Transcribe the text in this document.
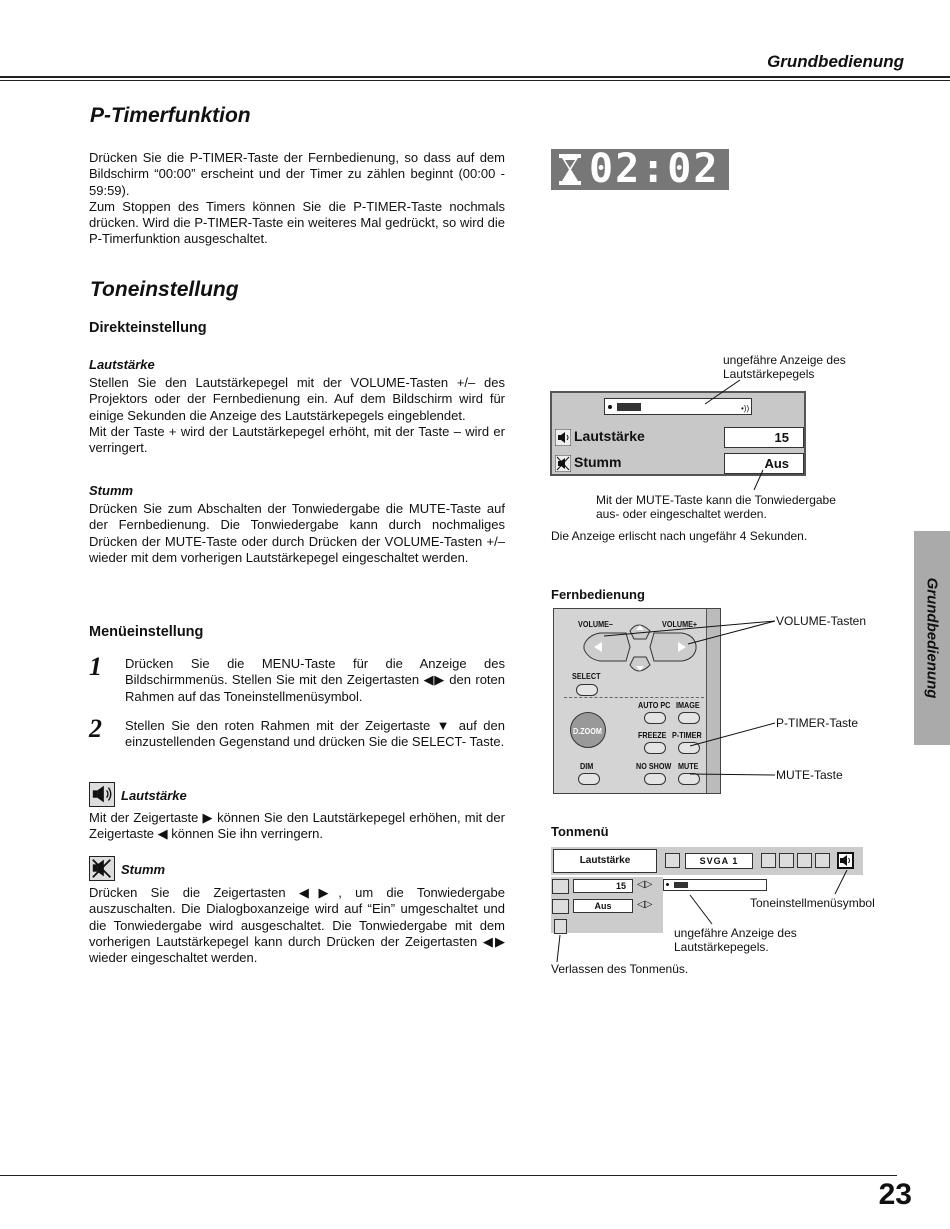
Grundbedienung
23
Grundbedienung
P-Timerfunktion

Drücken Sie die P-TIMER-Taste der Fernbedienung, so dass auf dem Bildschirm “00:00” erscheint und der Timer zu zählen beginnt (00:00 - 59:59).

Zum Stoppen des Timers können Sie die P-TIMER-Taste nochmals drücken. Wird die P-TIMER-Taste ein weiteres Mal gedrückt, so wird die P-Timerfunktion ausgeschaltet.

02:02
Toneinstellung
Direkteinstellung
Lautstärke

Stellen Sie den Lautstärkepegel mit der VOLUME-Tasten +/– des Projektors oder der Fernbedienung ein. Auf dem Bildschirm wird für einige Sekunden die Anzeige des Lautstärkepegels eingeblendet.

Mit der Taste + wird der Lautstärkepegel erhöht, mit der Taste – wird er verringert.

Stumm

Drücken Sie zum Abschalten der Tonwiedergabe die MUTE-Taste auf der Fernbedienung. Die Tonwiedergabe kann durch nochmaliges Drücken der MUTE-Taste oder durch Drücken der VOLUME-Tasten +/– wieder mit dem vorherigen Lautstärkepegel eingeschaltet werden.

Menüeinstellung
1 Drücken Sie die MENU-Taste für die Anzeige des Bildschirmmenüs. Stellen Sie mit den Zeigertasten ◀▶ den roten Rahmen auf das Toneinstellmenüsymbol.

2 Stellen Sie den roten Rahmen mit der Zeigertaste ▼ auf den einzustellenden Gegenstand und drücken Sie die SELECT- Taste.

Lautstärke

Mit der Zeigertaste ▶ können Sie den Lautstärkepegel erhöhen, mit der Zeigertaste ◀ können Sie ihn verringern.

Stumm

Drücken Sie die Zeigertasten ◀▶, um die Tonwiedergabe auszuschalten. Die Dialogboxanzeige wird auf “Ein” umgeschaltet und die Tonwiedergabe wird ausgeschaltet. Die Tonwiedergabe mit dem vorherigen Lautstärkepegel kann durch Drücken der Zeigertasten ◀▶ wieder eingeschaltet werden.

ungefähre Anzeige des
Lautstärkepegels
•))
Lautstärke	15
Stumm	Aus
Mit der MUTE-Taste kann die Tonwiedergabe
aus- oder eingeschaltet werden.
Die Anzeige erlischt nach ungefähr 4 Sekunden.
Fernbedienung
VOLUME–	VOLUME+
SELECT
AUTO PC IMAGE
D.ZOOM	FREEZE P-TIMER
DIM	NO SHOW MUTE
VOLUME-Tasten
P-TIMER-Taste
MUTE-Taste
Tonmenü
Lautstärke	SVGA 1
15	◁▷
Aus	◁▷	Toneinstellmenüsymbol
ungefähre Anzeige des
Lautstärkepegels.
Verlassen des Tonmenüs.
